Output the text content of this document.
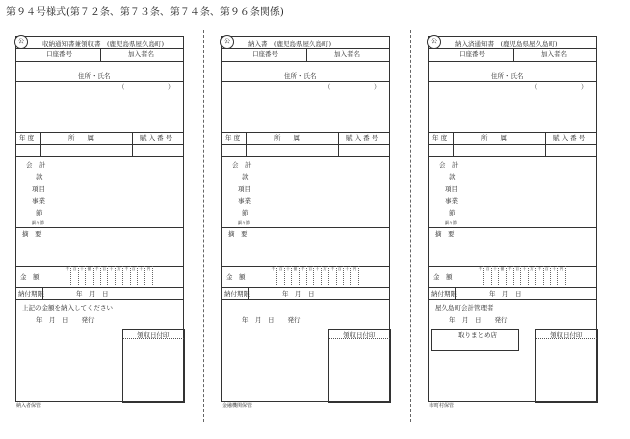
第９４号様式(第７２条、第７３条、第７４条、第９６条関係)
公	収納通知書兼領収書　(鹿児島県屋久島町)
口座番号	加入者名
住所・氏名
（	）
年 度	所　　属	賦 入 番 号
会　計
款
項目
事業
節
細々節
摘　要
金　額
千	百	十	億	千	百	十	万	千	百	十	円
納付期限	年　月　日
上記の金額を納入してください
年　月　日　　発行
領収日付印
公	納入書　(鹿児島県屋久島町)
口座番号	加入者名
住所・氏名
（	）
年 度	所　　属	賦 入 番 号
会　計
款
項目
事業
節
細々節
摘　要
金　額
千	百	十	億	千	百	十	万	千	百	十	円
納付期限	年　月　日
年　月　日　　発行
領収日付印
公	納入済通知書　(鹿児島県屋久島町)
口座番号	加入者名
住所・氏名
（	）
年 度	所　　属	賦 入 番 号
会　計
款
項目
事業
節
細々節
摘　要
金　額
千	百	十	億	千	百	十	万	千	百	十	円
納付期限	年　月　日
屋久島町会計管理者
年　月　日　　発行
領収日付印
取りまとめ店
納入者保管	金融機関保管	市町村保管
